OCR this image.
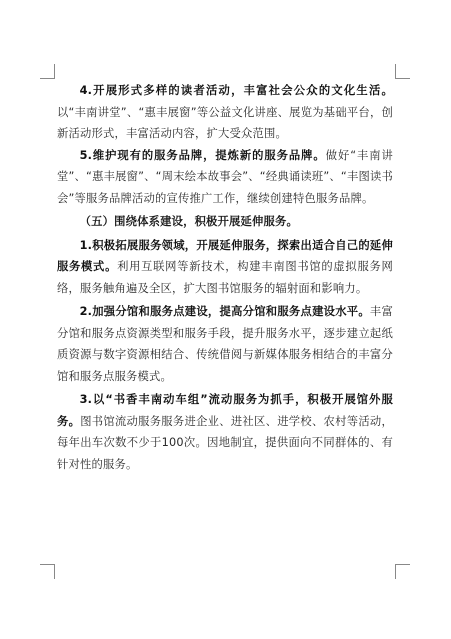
4.开展形式多样的读者活动，丰富社会公众的文化生活。以“丰南讲堂”、“惠丰展窗”等公益文化讲座、展览为基础平台，创新活动形式，丰富活动内容，扩大受众范围。

5.维护现有的服务品牌，提炼新的服务品牌。做好“丰南讲堂”、“惠丰展窗”、“周末绘本故事会”、“经典诵读班”、“丰图读书会”等服务品牌活动的宣传推广工作，继续创建特色服务品牌。

（五）围绕体系建设，积极开展延伸服务。

1.积极拓展服务领域，开展延伸服务，探索出适合自己的延伸服务模式。利用互联网等新技术，构建丰南图书馆的虚拟服务网络，服务触角遍及全区，扩大图书馆服务的辐射面和影响力。

2.加强分馆和服务点建设，提高分馆和服务点建设水平。丰富分馆和服务点资源类型和服务手段，提升服务水平，逐步建立起纸质资源与数字资源相结合、传统借阅与新媒体服务相结合的丰富分馆和服务点服务模式。

3.以“书香丰南动车组”流动服务为抓手，积极开展馆外服务。图书馆流动服务服务进企业、进社区、进学校、农村等活动，每年出车次数不少于100次。因地制宜，提供面向不同群体的、有针对性的服务。
